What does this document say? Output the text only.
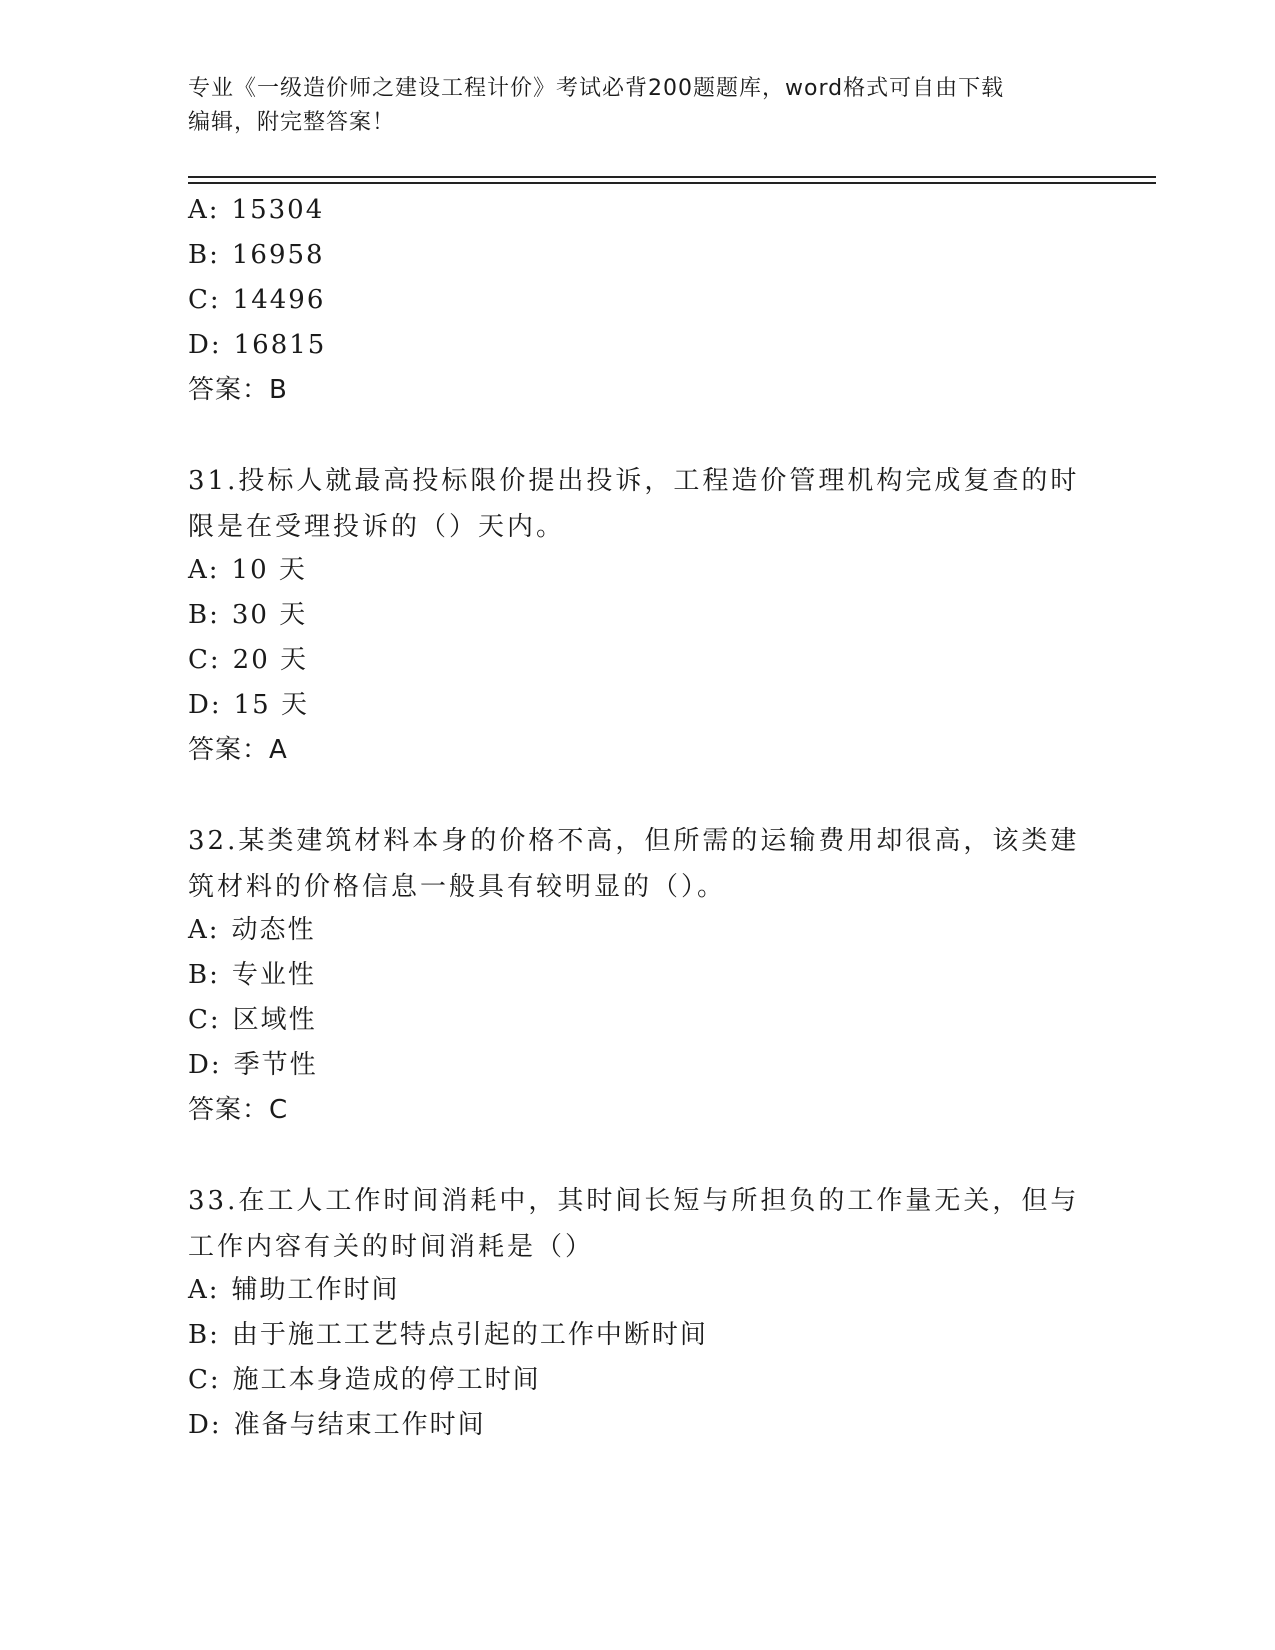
专业《一级造价师之建设工程计价》考试必背200题题库，word格式可自由下载
编辑，附完整答案！
A: 15304
B: 16958
C: 14496
D: 16815
答案：B
31.投标人就最高投标限价提出投诉，工程造价管理机构完成复查的时
限是在受理投诉的（）天内。
A: 10 天
B: 30 天
C: 20 天
D: 15 天
答案：A
32.某类建筑材料本身的价格不高，但所需的运输费用却很高，该类建
筑材料的价格信息一般具有较明显的（）。
A: 动态性
B: 专业性
C: 区域性
D: 季节性
答案：C
33.在工人工作时间消耗中，其时间长短与所担负的工作量无关，但与
工作内容有关的时间消耗是（）
A: 辅助工作时间
B: 由于施工工艺特点引起的工作中断时间
C: 施工本身造成的停工时间
D: 准备与结束工作时间
